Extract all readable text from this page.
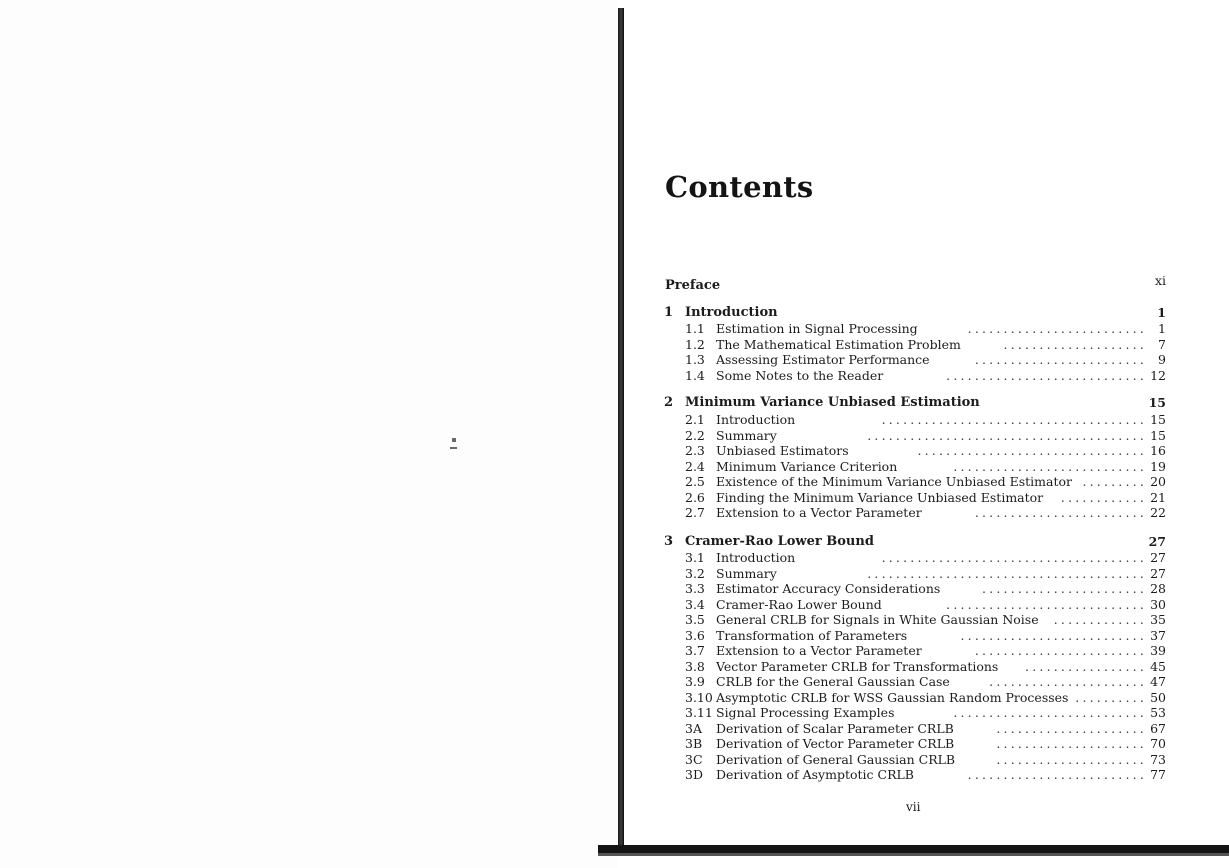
Contents
Preface	xi
1 Introduction	1
1.1 Estimation in Signal Processing	......................... 1
1.2 The Mathematical Estimation Problem	.................... 7
1.3 Assessing Estimator Performance	........................ 9
1.4 Some Notes to the Reader	............................ 12
2 Minimum Variance Unbiased Estimation	15
2.1 Introduction	..................................... 15
2.2 Summary	....................................... 15
2.3 Unbiased Estimators	................................ 16
2.4 Minimum Variance Criterion	........................... 19
2.5 Existence of the Minimum Variance Unbiased Estimator ......... 20
2.6 Finding the Minimum Variance Unbiased Estimator	............ 21
2.7 Extension to a Vector Parameter	........................ 22
3 Cramer-Rao Lower Bound	27
3.1 Introduction	..................................... 27
3.2 Summary	....................................... 27
3.3 Estimator Accuracy Considerations	....................... 28
3.4 Cramer-Rao Lower Bound	............................ 30
3.5 General CRLB for Signals in White Gaussian Noise	............. 35
3.6 Transformation of Parameters	.......................... 37
3.7 Extension to a Vector Parameter	........................ 39
3.8 Vector Parameter CRLB for Transformations	................. 45
3.9 CRLB for the General Gaussian Case	...................... 47
3.10 Asymptotic CRLB for WSS Gaussian Random Processes .......... 50
3.11 Signal Processing Examples	........................... 53
3A Derivation of Scalar Parameter CRLB	..................... 67
3B Derivation of Vector Parameter CRLB	..................... 70
3C Derivation of General Gaussian CRLB	..................... 73
3D Derivation of Asymptotic CRLB	......................... 77
vii
